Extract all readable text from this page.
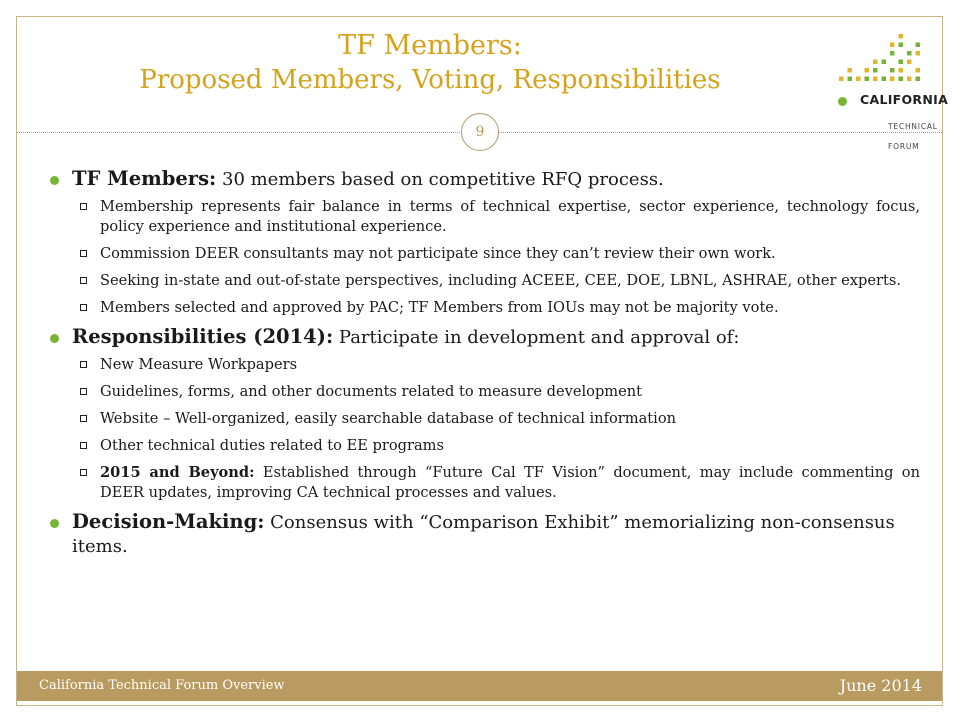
TF Members:
Proposed Members, Voting, Responsibilities
CALIFORNIA
TECHNICAL FORUM
9
TF Members: 30 members based on competitive RFQ process.
Membership represents fair balance in terms of technical expertise, sector experience, technology focus, policy experience and institutional experience.
Commission DEER consultants may not participate since they can’t review their own work.
Seeking in-state and out-of-state perspectives, including ACEEE, CEE, DOE, LBNL, ASHRAE, other experts.
Members selected and approved by PAC; TF Members from IOUs may not be majority vote.
Responsibilities (2014): Participate in development and approval of:
New Measure Workpapers
Guidelines, forms, and other documents related to measure development
Website – Well-organized, easily searchable database of technical information
Other technical duties related to EE programs
2015 and Beyond: Established through “Future Cal TF Vision” document, may include commenting on DEER updates, improving CA technical processes and values.
Decision-Making: Consensus with “Comparison Exhibit” memorializing non-consensus items.
California Technical Forum Overview	June 2014
